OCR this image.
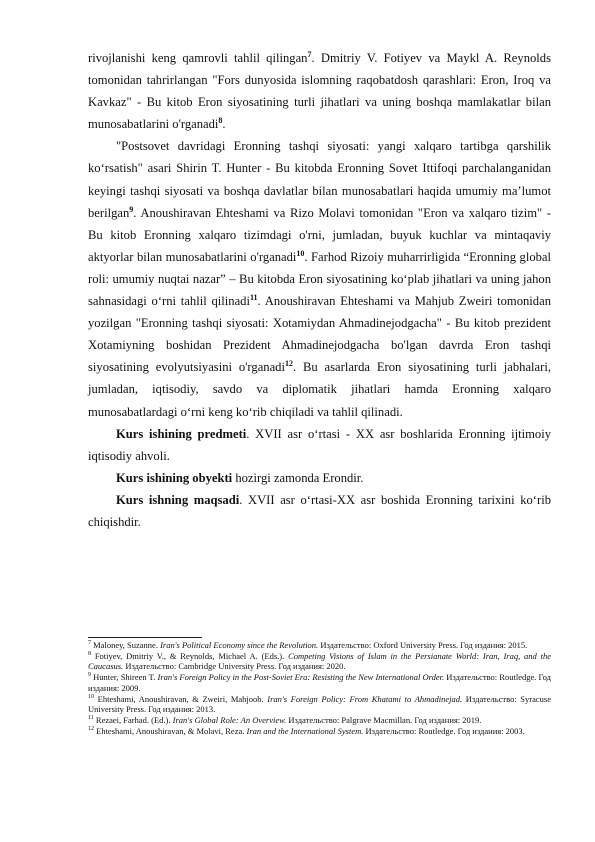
rivojlanishi keng qamrovli tahlil qilingan$^7$. Dmitriy V. Fotiyev va Maykl A. Reynolds tomonidan tahrirlangan "Fors dunyosida islomning raqobatdosh qarashlari: Eron, Iroq va Kavkaz" - Bu kitob Eron siyosatining turli jihatlari va uning boshqa mamlakatlar bilan munosabatlarini o'rganadi$^8$.

"Postsovet davridagi Eronning tashqi siyosati: yangi xalqaro tartibga qarshilik koʻrsatish" asari Shirin T. Hunter - Bu kitobda Eronning Sovet Ittifoqi parchalanganidan keyingi tashqi siyosati va boshqa davlatlar bilan munosabatlari haqida umumiy maʼlumot berilgan$^9$. Anoushiravan Ehteshami va Rizo Molavi tomonidan "Eron va xalqaro tizim" - Bu kitob Eronning xalqaro tizimdagi o'rni, jumladan, buyuk kuchlar va mintaqaviy aktyorlar bilan munosabatlarini o'rganadi$^{10}$. Farhod Rizoiy muharrirligida “Eronning global roli: umumiy nuqtai nazar” – Bu kitobda Eron siyosatining koʻplab jihatlari va uning jahon sahnasidagi oʻrni tahlil qilinadi$^{11}$. Anoushiravan Ehteshami va Mahjub Zweiri tomonidan yozilgan "Eronning tashqi siyosati: Xotamiydan Ahmadinejodgacha" - Bu kitob prezident Xotamiyning boshidan Prezident Ahmadinejodgacha bo'lgan davrda Eron tashqi siyosatining evolyutsiyasini o'rganadi$^{12}$. Bu asarlarda Eron siyosatining turli jabhalari, jumladan, iqtisodiy, savdo va diplomatik jihatlari hamda Eronning xalqaro munosabatlardagi oʻrni keng koʻrib chiqiladi va tahlil qilinadi.

Kurs ishining predmeti. XVII asr oʻrtasi - XX asr boshlarida Eronning ijtimoiy iqtisodiy ahvoli.

Kurs ishining obyekti hozirgi zamonda Erondir.

Kurs ishning maqsadi. XVII asr oʻrtasi-XX asr boshida Eronning tarixini koʻrib chiqishdir.

$^7$ Maloney, Suzanne. Iran's Political Economy since the Revolution. Издательство: Oxford University Press. Год издания: 2015.

$^8$ Fotiyev, Dmitriy V., & Reynolds, Michael A. (Eds.). Competing Visions of Islam in the Persianate World: Iran, Iraq, and the Caucasus. Издательство: Cambridge University Press. Год издания: 2020.

$^9$ Hunter, Shireen T. Iran's Foreign Policy in the Post-Soviet Era: Resisting the New International Order. Издательство: Routledge. Год издания: 2009.

$^{10}$ Ehteshami, Anoushiravan, & Zweiri, Mahjoob. Iran's Foreign Policy: From Khatami to Ahmadinejad. Издательство: Syracuse University Press. Год издания: 2013.

$^{11}$ Rezaei, Farhad. (Ed.). Iran's Global Role: An Overview. Издательство: Palgrave Macmillan. Год издания: 2019.

$^{12}$ Ehteshami, Anoushiravan, & Molavi, Reza. Iran and the International System. Издательство: Routledge. Год издания: 2003.
